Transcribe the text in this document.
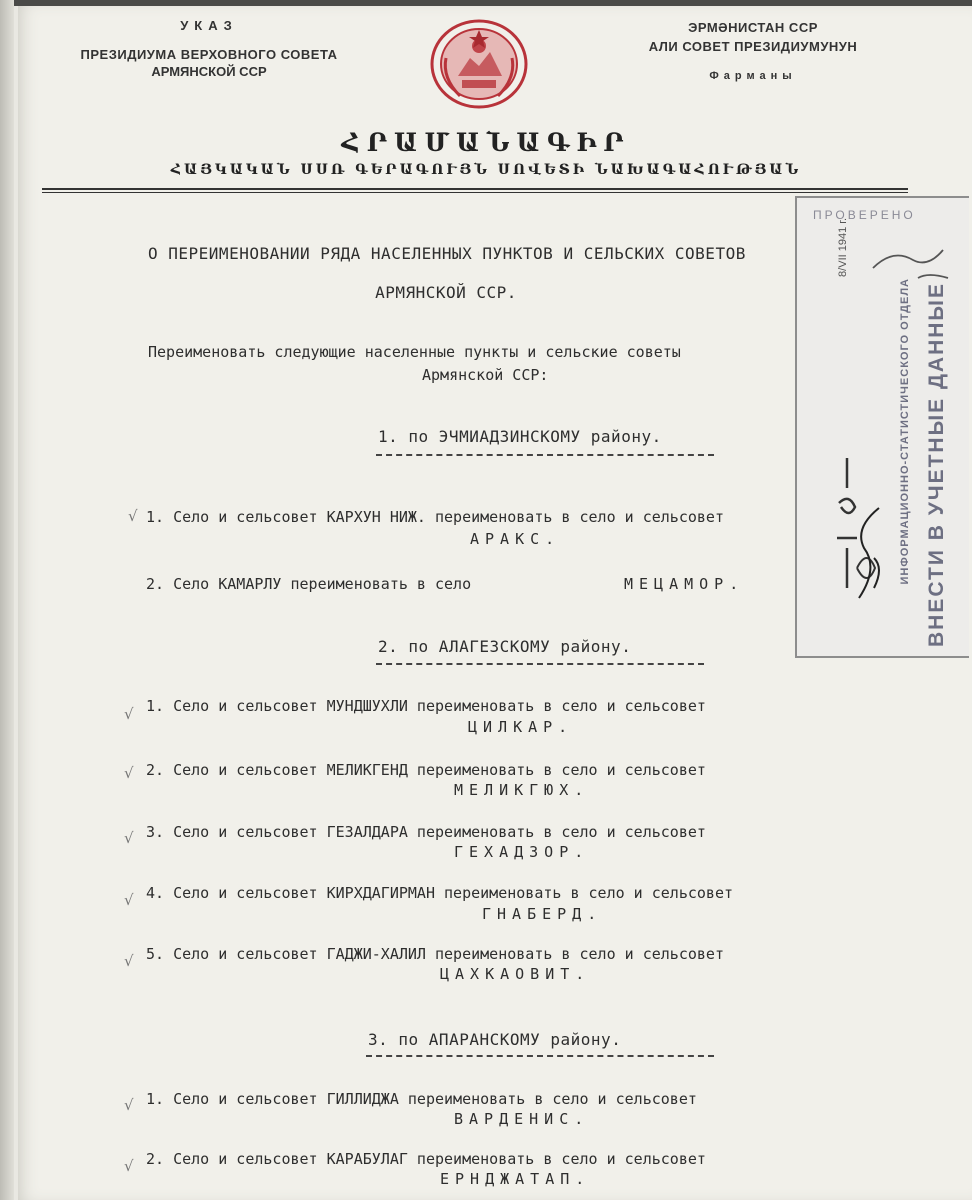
УКАЗ
ПРЕЗИДИУМА ВЕРХОВНОГО СОВЕТА
АРМЯНСКОЙ ССР
ЭРМӘНИСТАН ССР
АЛИ СОВЕТ ПРЕЗИДИУМУНУН
Фарманы
ՀՐԱՄԱՆԱԳԻՐ
ՀԱՅԿԱԿԱՆ ՍՍՌ ԳԵՐԱԳՈՒՅՆ ՍՈՎԵՏԻ ՆԱԽԱԳԱՀՈՒԹՅԱՆ
ПРОВЕРЕНО
ВНЕСТИ В УЧЕТНЫЕ ДАННЫЕ
ИНФОРМАЦИОННО-СТАТИСТИЧЕСКОГО ОТДЕЛА
8/VII 1941 г.
О ПЕРЕИМЕНОВАНИИ РЯДА НАСЕЛЕННЫХ ПУНКТОВ И СЕЛЬСКИХ СОВЕТОВ
АРМЯНСКОЙ ССР.
Переименовать следующие населенные пункты и сельские советы
Армянской ССР:
1. по ЭЧМИАДЗИНСКОМУ району.
√ 1. Село и сельсовет КАРХУН НИЖ. переименовать в село и сельсовет
АРАКС.
2. Село КАМАРЛУ переименовать в село	МЕЦАМОР.
2. по АЛАГЕЗСКОМУ району.
√ 1. Село и сельсовет МУНДШУХЛИ переименовать в село и сельсовет
ЦИЛКАР.
√ 2. Село и сельсовет МЕЛИКГЕНД переименовать в село и сельсовет
МЕЛИКГЮХ.
√ 3. Село и сельсовет ГЕЗАЛДАРА переименовать в село и сельсовет
ГЕХАДЗОР.
√ 4. Село и сельсовет КИРХДАГИРМАН переименовать в село и сельсовет
ГНАБЕРД.
√ 5. Село и сельсовет ГАДЖИ-ХАЛИЛ переименовать в село и сельсовет
ЦАХКАОВИТ.
3. по АПАРАНСКОМУ району.
√ 1. Село и сельсовет ГИЛЛИДЖА переименовать в село и сельсовет
ВАРДЕНИС.
√ 2. Село и сельсовет КАРАБУЛАГ переименовать в село и сельсовет
ЕРНДЖАТАП.
